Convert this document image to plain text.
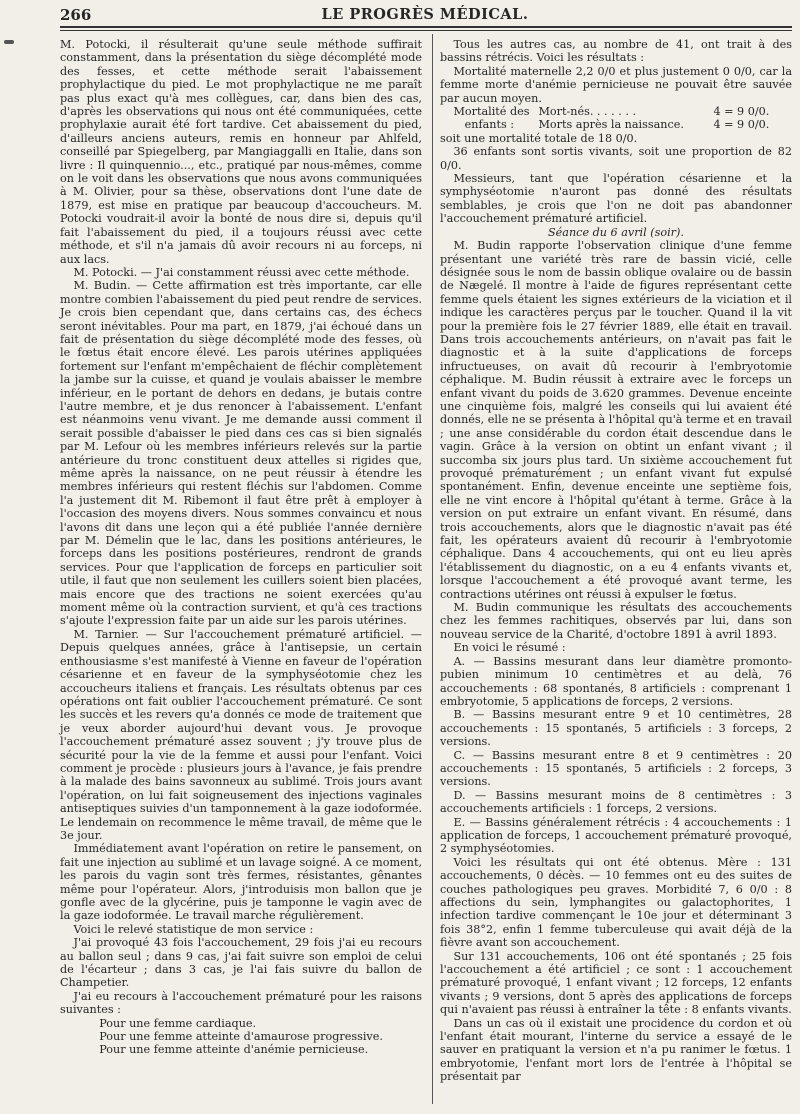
266	LE PROGRÈS MÉDICAL.

M. Potocki, il résulterait qu'une seule méthode suffirait constamment, dans la présentation du siège décomplété mode des fesses, et cette méthode serait l'abaissement prophylactique du pied. Le mot prophylactique ne me paraît pas plus exact qu'à mes collègues, car, dans bien des cas, d'après les observations qui nous ont été communiquées, cette prophylaxie aurait été fort tardive. Cet abaissement du pied, d'ailleurs anciens auteurs, remis en honneur par Ahlfeld, conseillé par Spiegelberg, par Mangiaggalli en Italie, dans son livre : Il quinquennio..., etc., pratiqué par nous-mêmes, comme on le voit dans les observations que nous avons communiquées à M. Olivier, pour sa thèse, observations dont l'une date de 1879, est mise en pratique par beaucoup d'accoucheurs. M. Potocki voudrait-il avoir la bonté de nous dire si, depuis qu'il fait l'abaissement du pied, il a toujours réussi avec cette méthode, et s'il n'a jamais dû avoir recours ni au forceps, ni aux lacs.

M. Potocki. — J'ai constamment réussi avec cette méthode.

M. Budin. — Cette affirmation est très importante, car elle montre combien l'abaissement du pied peut rendre de services. Je crois bien cependant que, dans certains cas, des échecs seront inévitables. Pour ma part, en 1879, j'ai échoué dans un fait de présentation du siège décomplété mode des fesses, où le fœtus était encore élevé. Les parois utérines appliquées fortement sur l'enfant m'empêchaient de fléchir complètement la jambe sur la cuisse, et quand je voulais abaisser le membre inférieur, en le portant de dehors en dedans, je butais contre l'autre membre, et je dus renoncer à l'abaissement. L'enfant est néanmoins venu vivant. Je me demande aussi comment il serait possible d'abaisser le pied dans ces cas si bien signalés par M. Lefour où les membres inférieurs relevés sur la partie antérieure du tronc constituent deux attelles si rigides que, même après la naissance, on ne peut réussir à étendre les membres inférieurs qui restent fléchis sur l'abdomen. Comme l'a justement dit M. Ribemont il faut être prêt à employer à l'occasion des moyens divers. Nous sommes convaincu et nous l'avons dit dans une leçon qui a été publiée l'année dernière par M. Démelin que le lac, dans les positions antérieures, le forceps dans les positions postérieures, rendront de grands services. Pour que l'application de forceps en particulier soit utile, il faut que non seulement les cuillers soient bien placées, mais encore que des tractions ne soient exercées qu'au moment même où la contraction survient, et qu'à ces tractions s'ajoute l'expression faite par un aide sur les parois utérines.

M. Tarnier. — Sur l'accouchement prématuré artificiel. — Depuis quelques années, grâce à l'antisepsie, un certain enthousiasme s'est manifesté à Vienne en faveur de l'opération césarienne et en faveur de la symphyséotomie chez les accoucheurs italiens et français. Les résultats obtenus par ces opérations ont fait oublier l'accouchement prématuré. Ce sont les succès et les revers qu'a donnés ce mode de traitement que je veux aborder aujourd'hui devant vous. Je provoque l'accouchement prématuré assez souvent ; j'y trouve plus de sécurité pour la vie de la femme et aussi pour l'enfant. Voici comment je procède : plusieurs jours à l'avance, je fais prendre à la malade des bains savonneux au sublimé. Trois jours avant l'opération, on lui fait soigneusement des injections vaginales antiseptiques suivies d'un tamponnement à la gaze iodoformée. Le lendemain on recommence le même travail, de même que le 3e jour.

Immédiatement avant l'opération on retire le pansement, on fait une injection au sublimé et un lavage soigné. A ce moment, les parois du vagin sont très fermes, résistantes, gênantes même pour l'opérateur. Alors, j'introduisis mon ballon que je gonfle avec de la glycérine, puis je tamponne le vagin avec de la gaze iodoformée. Le travail marche régulièrement.

Voici le relevé statistique de mon service :

J'ai provoqué 43 fois l'accouchement, 29 fois j'ai eu recours au ballon seul ; dans 9 cas, j'ai fait suivre son emploi de celui de l'écarteur ; dans 3 cas, je l'ai fais suivre du ballon de Champetier.

J'ai eu recours à l'accouchement prématuré pour les raisons suivantes :

Pour une femme cardiaque.

Pour une femme atteinte d'amaurose progressive.

Pour une femme atteinte d'anémie pernicieuse.

Tous les autres cas, au nombre de 41, ont trait à des bassins rétrécis. Voici les résultats :

Mortalité maternelle 2,2 0/0 et plus justement 0 0/0, car la femme morte d'anémie pernicieuse ne pouvait être sauvée par aucun moyen.

Mortalité des Mort-nés. . . . . . .	4 = 9 0/0.
enfants : Morts après la naissance.	4 = 9 0/0.

soit une mortalité totale de 18 0/0.

36 enfants sont sortis vivants, soit une proportion de 82 0/0.

Messieurs, tant que l'opération césarienne et la symphyséotomie n'auront pas donné des résultats semblables, je crois que l'on ne doit pas abandonner l'accouchement prématuré artificiel.

Séance du 6 avril (soir).

M. Budin rapporte l'observation clinique d'une femme présentant une variété très rare de bassin vicié, celle désignée sous le nom de bassin oblique ovalaire ou de bassin de Nægelé. Il montre à l'aide de figures représentant cette femme quels étaient les signes extérieurs de la viciation et il indique les caractères perçus par le toucher. Quand il la vit pour la première fois le 27 février 1889, elle était en travail. Dans trois accouchements antérieurs, on n'avait pas fait le diagnostic et à la suite d'applications de forceps infructueuses, on avait dû recourir à l'embryotomie céphalique. M. Budin réussit à extraire avec le forceps un enfant vivant du poids de 3.620 grammes. Devenue enceinte une cinquième fois, malgré les conseils qui lui avaient été donnés, elle ne se présenta à l'hôpital qu'à terme et en travail ; une anse considérable du cordon était descendue dans le vagin. Grâce à la version on obtint un enfant vivant ; il succomba six jours plus tard. Un sixième accouchement fut provoqué prématurément ; un enfant vivant fut expulsé spontanément. Enfin, devenue enceinte une septième fois, elle ne vint encore à l'hôpital qu'étant à terme. Grâce à la version on put extraire un enfant vivant. En résumé, dans trois accouchements, alors que le diagnostic n'avait pas été fait, les opérateurs avaient dû recourir à l'embryotomie céphalique. Dans 4 accouchements, qui ont eu lieu après l'établissement du diagnostic, on a eu 4 enfants vivants et, lorsque l'accouchement a été provoqué avant terme, les contractions utérines ont réussi à expulser le fœtus.

M. Budin communique les résultats des accouchements chez les femmes rachitiques, observés par lui, dans son nouveau service de la Charité, d'octobre 1891 à avril 1893.

En voici le résumé :

A. — Bassins mesurant dans leur diamètre promonto-pubien minimum 10 centimètres et au delà, 76 accouchements : 68 spontanés, 8 artificiels : comprenant 1 embryotomie, 5 applications de forceps, 2 versions.

B. — Bassins mesurant entre 9 et 10 centimètres, 28 accouchements : 15 spontanés, 5 artificiels : 3 forceps, 2 versions.

C. — Bassins mesurant entre 8 et 9 centimètres : 20 accouchements : 15 spontanés, 5 artificiels : 2 forceps, 3 versions.

D. — Bassins mesurant moins de 8 centimètres : 3 accouchements artificiels : 1 forceps, 2 versions.

E. — Bassins généralement rétrécis : 4 accouchements : 1 application de forceps, 1 accouchement prématuré provoqué, 2 symphyséotomies.

Voici les résultats qui ont été obtenus. Mère : 131 accouchements, 0 décès. — 10 femmes ont eu des suites de couches pathologiques peu graves. Morbidité 7, 6 0/0 : 8 affections du sein, lymphangites ou galactophorites, 1 infection tardive commençant le 10e jour et déterminant 3 fois 38°2, enfin 1 femme tuberculeuse qui avait déjà de la fièvre avant son accouchement.

Sur 131 accouchements, 106 ont été spontanés ; 25 fois l'accouchement a été artificiel ; ce sont : 1 accouchement prématuré provoqué, 1 enfant vivant ; 12 forceps, 12 enfants vivants ; 9 versions, dont 5 après des applications de forceps qui n'avaient pas réussi à entraîner la tête : 8 enfants vivants.

Dans un cas où il existait une procidence du cordon et où l'enfant était mourant, l'interne du service a essayé de le sauver en pratiquant la version et n'a pu ranimer le fœtus. 1 embryotomie, l'enfant mort lors de l'entrée à l'hôpital se présentait par
